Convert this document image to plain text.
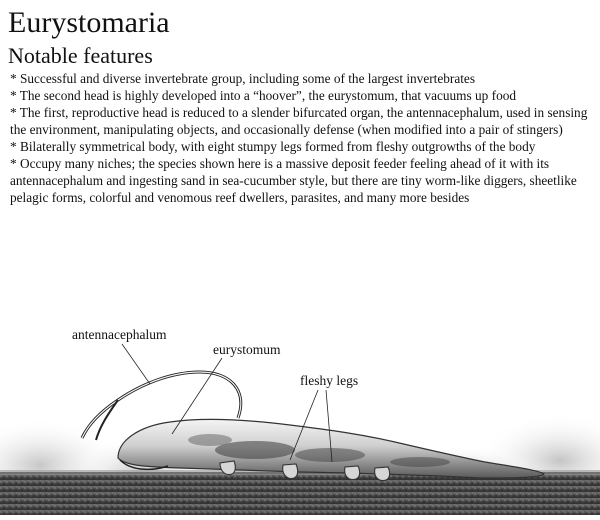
Eurystomaria
Notable features
* Successful and diverse invertebrate group, including some of the largest invertebrates
* The second head is highly developed into a “hoover”, the eurystomum, that vacuums up food
* The first, reproductive head is reduced to a slender bifurcated organ, the antennacephalum, used in sensing the environment, manipulating objects, and occasionally defense (when modified into a pair of stingers)
* Bilaterally symmetrical body, with eight stumpy legs formed from fleshy outgrowths of the body
* Occupy many niches; the species shown here is a massive deposit feeder feeling ahead of it with its antennacephalum and ingesting sand in sea-cucumber style, but there are tiny worm-like diggers, sheetlike pelagic forms, colorful and venomous reef dwellers, parasites, and many more besides
antennacephalum
eurystomum
fleshy legs
